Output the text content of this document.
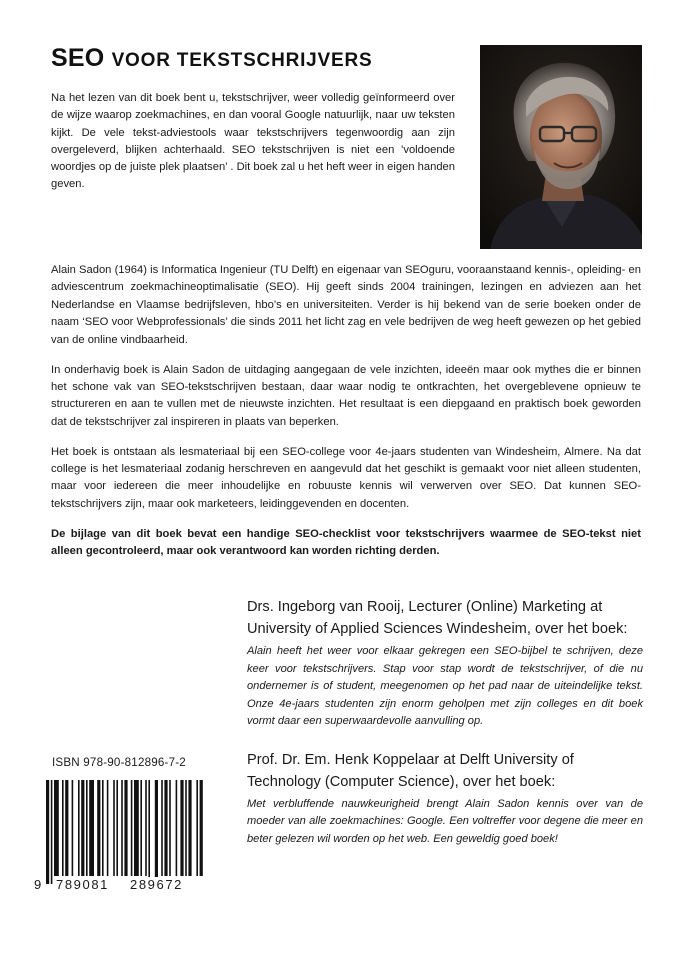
SEO VOOR TEKSTSCHRIJVERS

Na het lezen van dit boek bent u, tekstschrijver, weer volledig geïnformeerd over de wijze waarop zoekmachines, en dan vooral Google natuurlijk, naar uw teksten kijkt. De vele tekst-adviestools waar tekstschrijvers tegenwoordig aan zijn overgeleverd, blijken achterhaald. SEO tekstschrijven is niet een ’voldoende woordjes op de juiste plek plaatsen’ . Dit boek zal u het heft weer in eigen handen geven.

Alain Sadon (1964) is Informatica Ingenieur (TU Delft) en eigenaar van SEOguru, vooraanstaand kennis-, opleiding- en adviescentrum zoekmachineoptimalisatie (SEO). Hij geeft sinds 2004 trainingen, lezingen en adviezen aan het Nederlandse en Vlaamse bedrijfsleven, hbo’s en universiteiten. Verder is hij bekend van de serie boeken onder de naam ‘SEO voor Webprofessionals’ die sinds 2011 het licht zag en vele bedrijven de weg heeft gewezen op het gebied van de online vindbaarheid.

In onderhavig boek is Alain Sadon de uitdaging aangegaan de vele inzichten, ideeën maar ook mythes die er binnen het schone vak van SEO-tekstschrijven bestaan, daar waar nodig te ontkrachten, het overgeblevene opnieuw te structureren en aan te vullen met de nieuwste inzichten. Het resultaat is een diepgaand en praktisch boek geworden dat de tekstschrijver zal inspireren in plaats van beperken.

Het boek is ontstaan als lesmateriaal bij een SEO-college voor 4e-jaars studenten van Windesheim, Almere. Na dat college is het lesmateriaal zodanig herschreven en aangevuld dat het geschikt is gemaakt voor niet alleen studenten, maar voor iedereen die meer inhoudelijke en robuuste kennis wil verwerven over SEO. Dat kunnen SEO-tekstschrijvers zijn, maar ook marketeers, leidinggevenden en docenten.

De bijlage van dit boek bevat een handige SEO-checklist voor tekstschrijvers waarmee de SEO-tekst niet alleen gecontroleerd, maar ook verantwoord kan worden richting derden.

Drs. Ingeborg van Rooij, Lecturer (Online) Marketing at University of Applied Sciences Windesheim, over het boek:

Alain heeft het weer voor elkaar gekregen een SEO-bijbel te schrijven, deze keer voor tekstschrijvers. Stap voor stap wordt de tekstschrijver, of die nu ondernemer is of student, meegenomen op het pad naar de uiteindelijke tekst. Onze 4e-jaars studenten zijn enorm geholpen met zijn colleges en dit boek vormt daar een superwaardevolle aanvulling op.

Prof. Dr. Em. Henk Koppelaar at Delft University of Technology (Computer Science), over het boek:

Met verbluffende nauwkeurigheid brengt Alain Sadon kennis over van de moeder van alle zoekmachines: Google. Een voltreffer voor degene die meer en beter gelezen wil worden op het web. Een geweldig goed boek!

ISBN 978-90-812896-7-2

9 789081 289672
